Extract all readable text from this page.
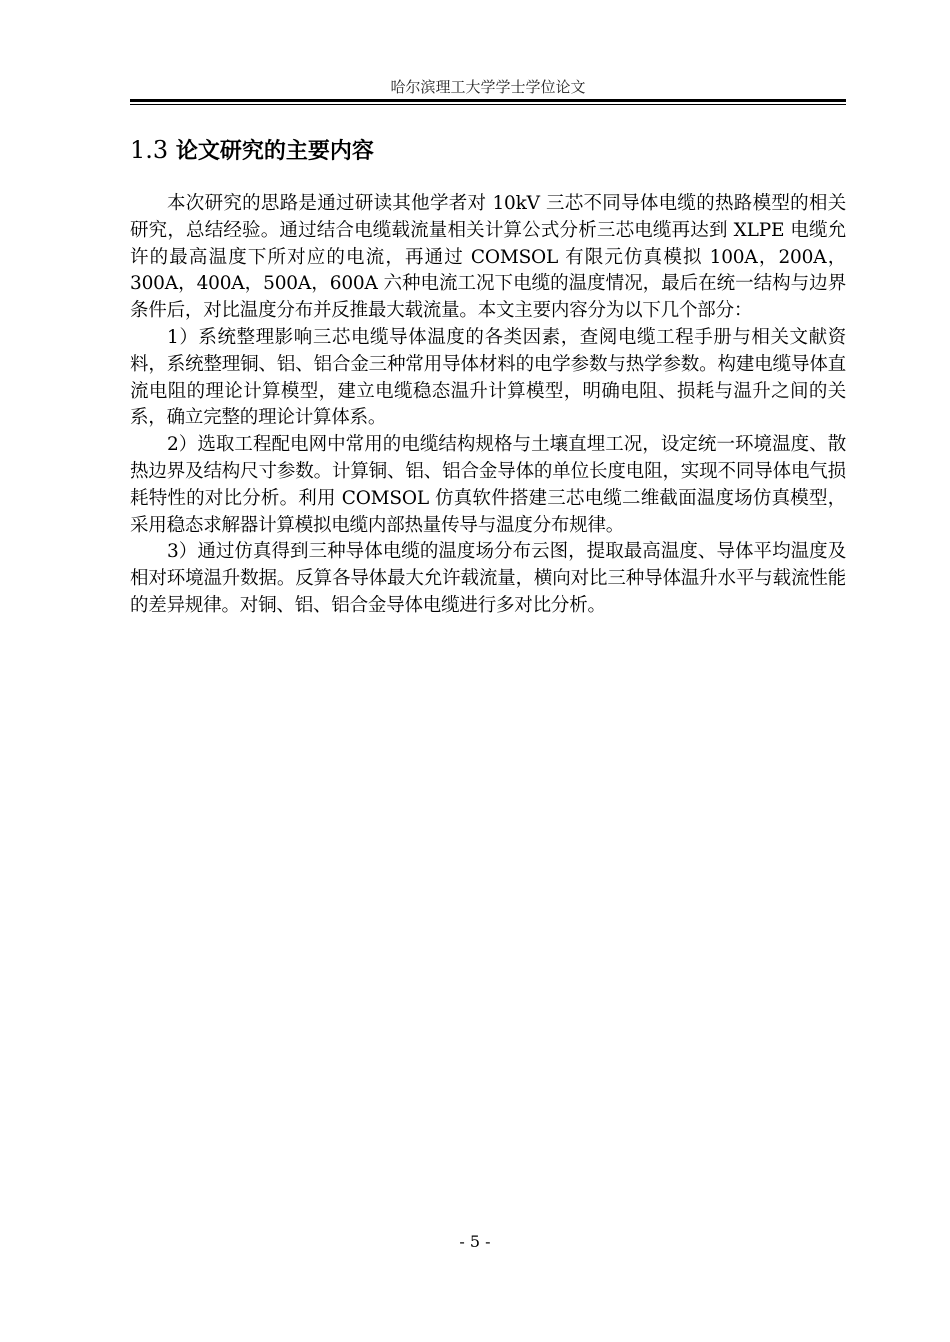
哈尔滨理工大学学士学位论文
1.3 论文研究的主要内容

本次研究的思路是通过研读其他学者对 10kV 三芯不同导体电缆的热路模型的相关研究，总结经验。通过结合电缆载流量相关计算公式分析三芯电缆再达到 XLPE 电缆允许的最高温度下所对应的电流，再通过 COMSOL 有限元仿真模拟 100A，200A，300A，400A，500A，600A 六种电流工况下电缆的温度情况，最后在统一结构与边界条件后，对比温度分布并反推最大载流量。本文主要内容分为以下几个部分：

1）系统整理影响三芯电缆导体温度的各类因素，查阅电缆工程手册与相关文献资料，系统整理铜、铝、铝合金三种常用导体材料的电学参数与热学参数。构建电缆导体直流电阻的理论计算模型，建立电缆稳态温升计算模型，明确电阻、损耗与温升之间的关系，确立完整的理论计算体系。

2）选取工程配电网中常用的电缆结构规格与土壤直埋工况，设定统一环境温度、散热边界及结构尺寸参数。计算铜、铝、铝合金导体的单位长度电阻，实现不同导体电气损耗特性的对比分析。利用 COMSOL 仿真软件搭建三芯电缆二维截面温度场仿真模型，采用稳态求解器计算模拟电缆内部热量传导与温度分布规律。

3）通过仿真得到三种导体电缆的温度场分布云图，提取最高温度、导体平均温度及相对环境温升数据。反算各导体最大允许载流量，横向对比三种导体温升水平与载流性能的差异规律。对铜、铝、铝合金导体电缆进行多对比分析。

- 5 -
